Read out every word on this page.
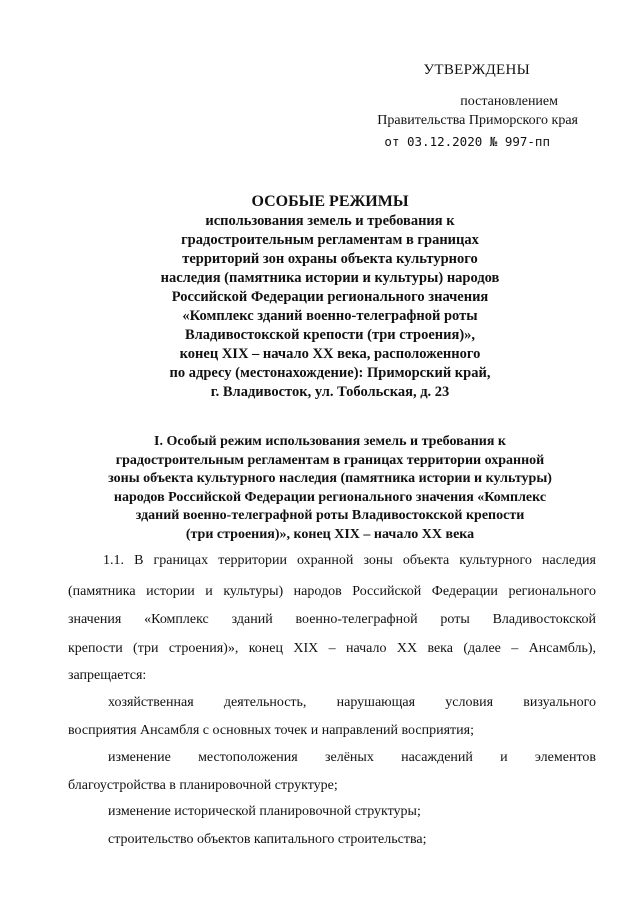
УТВЕРЖДЕНЫ
постановлением
Правительства Приморского края
от 03.12.2020 № 997-пп
ОСОБЫЕ РЕЖИМЫ
использования земель и требования к
градостроительным регламентам в границах
территорий зон охраны объекта культурного
наследия (памятника истории и культуры) народов
Российской Федерации регионального значения
«Комплекс зданий военно-телеграфной роты
Владивостокской крепости (три строения)»,
конец XIX – начало XX века, расположенного
по адресу (местонахождение): Приморский край,
г. Владивосток, ул. Тобольская, д. 23
I. Особый режим использования земель и требования к
градостроительным регламентам в границах территории охранной
зоны объекта культурного наследия (памятника истории и культуры)
народов Российской Федерации регионального значения «Комплекс
зданий военно-телеграфной роты Владивостокской крепости
(три строения)», конец XIX – начало XX века
1.1. В границах территории охранной зоны объекта культурного наследия
(памятника истории и культуры) народов Российской Федерации регионального
значения «Комплекс зданий военно-телеграфной роты Владивостокской
крепости (три строения)», конец XIX – начало XX века (далее – Ансамбль),
запрещается:
хозяйственная деятельность, нарушающая условия визуального
восприятия Ансамбля с основных точек и направлений восприятия;
изменение местоположения зелёных насаждений и элементов
благоустройства в планировочной структуре;
изменение исторической планировочной структуры;
строительство объектов капитального строительства;
